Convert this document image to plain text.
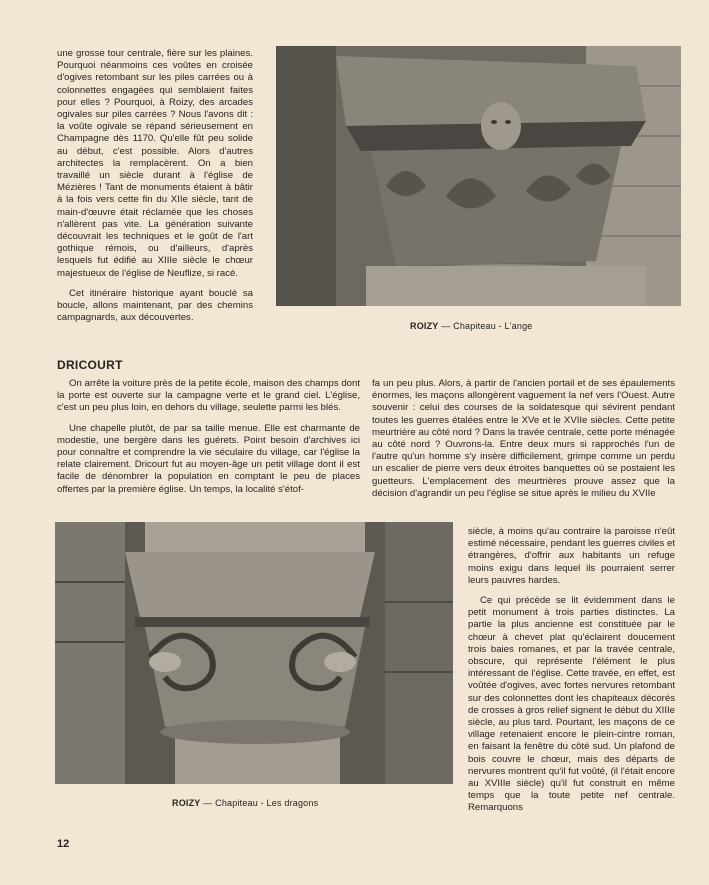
une grosse tour centrale, fière sur les plaines. Pourquoi néanmoins ces voûtes en croisée d'ogives retombant sur les piles carrées ou à colonnettes engagées qui semblaient faites pour elles ? Pourquoi, à Roizy, des arcades ogivales sur piles carrées ? Nous l'avons dit : la voûte ogivale se répand sérieusement en Champagne dès 1170. Qu'elle fût peu solide au début, c'est possible. Alors d'autres architectes la remplacèrent. On a bien travaillé un siècle durant à l'église de Mézières ! Tant de monuments étaient à bâtir à la fois vers cette fin du XIIe siècle, tant de main-d'œuvre était réclamée que les choses n'allèrent pas vite. La génération suivante découvrait les techniques et le goût de l'art gothique rémois, ou d'ailleurs, d'après lesquels fut édifié au XIIIe siècle le chœur majestueux de l'église de Neuflize, si racé.

Cet itinéraire historique ayant bouclé sa boucle, allons maintenant, par des chemins campagnards, aux découvertes.

ROIZY — Chapiteau - L'ange

DRICOURT

On arrête la voiture près de la petite école, maison des champs dont la porte est ouverte sur la campagne verte et le grand ciel. L'église, c'est un peu plus loin, en dehors du village, seulette parmi les blés.

Une chapelle plutôt, de par sa taille menue. Elle est charmante de modestie, une bergère dans les guérets. Point besoin d'archives ici pour connaître et comprendre la vie séculaire du village, car l'église la relate clairement. Dricourt fut au moyen-âge un petit village dont il est facile de dénombrer la population en comptant le peu de places offertes par la première église. Un temps, la localité s'étof-

fa un peu plus. Alors, à partir de l'ancien portail et de ses épaulements énormes, les maçons allongèrent vaguement la nef vers l'Ouest. Autre souvenir : celui des courses de la soldatesque qui sévirent pendant toutes les guerres étalées entre le XVe et le XVIIe siècles. Cette petite meurtrière au côté nord ? Dans la travée centrale, cette porte ménagée au côté nord ? Ouvrons-la. Entre deux murs si rapprochés l'un de l'autre qu'un homme s'y insère difficilement, grimpe comme un perdu un escalier de pierre vers deux étroites banquettes où se postaient les guetteurs. L'emplacement des meurtrières prouve assez que la décision d'agrandir un peu l'église se situe après le milieu du XVIIe

ROIZY — Chapiteau - Les dragons

siècle, à moins qu'au contraire la paroisse n'eût estimé nécessaire, pendant les guerres civiles et étrangères, d'offrir aux habitants un refuge moins exigu dans lequel ils pourraient serrer leurs pauvres hardes.

Ce qui précède se lit évidemment dans le petit monument à trois parties distinctes. La partie la plus ancienne est constituée par le chœur à chevet plat qu'éclairent doucement trois baies romanes, et par la travée centrale, obscure, qui représente l'élément le plus intéressant de l'église. Cette travée, en effet, est voûtée d'ogives, avec fortes nervures retombant sur des colonnettes dont les chapiteaux décorés de crosses à gros relief signent le début du XIIIe siècle, au plus tard. Pourtant, les maçons de ce village retenaient encore le plein-cintre roman, en faisant la fenêtre du côté sud. Un plafond de bois couvre le chœur, mais des départs de nervures montrent qu'il fut voûté, (il l'était encore au XVIIIe siècle) qu'il fut construit en même temps que la toute petite nef centrale. Remarquons

12
